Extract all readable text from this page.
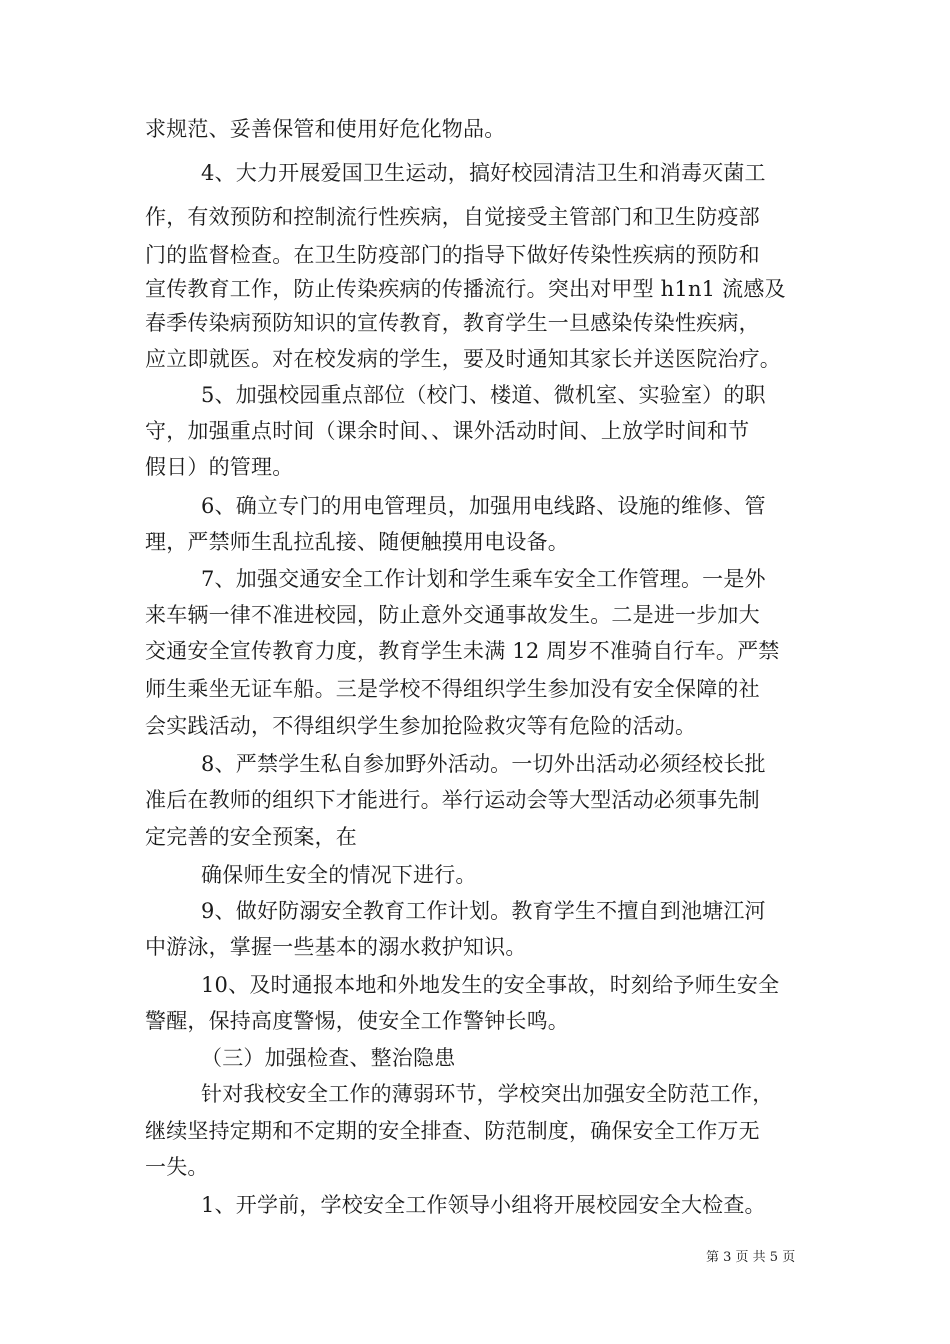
求规范、妥善保管和使用好危化物品。
4、大力开展爱国卫生运动，搞好校园清洁卫生和消毒灭菌工
作，有效预防和控制流行性疾病，自觉接受主管部门和卫生防疫部
门的监督检查。在卫生防疫部门的指导下做好传染性疾病的预防和
宣传教育工作，防止传染疾病的传播流行。突出对甲型 h1n1 流感及
春季传染病预防知识的宣传教育，教育学生一旦感染传染性疾病，
应立即就医。对在校发病的学生，要及时通知其家长并送医院治疗。
5、加强校园重点部位（校门、楼道、微机室、实验室）的职
守，加强重点时间（课余时间、、课外活动时间、上放学时间和节
假日）的管理。
6、确立专门的用电管理员，加强用电线路、设施的维修、管
理，严禁师生乱拉乱接、随便触摸用电设备。
7、加强交通安全工作计划和学生乘车安全工作管理。一是外
来车辆一律不准进校园，防止意外交通事故发生。二是进一步加大
交通安全宣传教育力度，教育学生未满 12 周岁不准骑自行车。严禁
师生乘坐无证车船。三是学校不得组织学生参加没有安全保障的社
会实践活动，不得组织学生参加抢险救灾等有危险的活动。
8、严禁学生私自参加野外活动。一切外出活动必须经校长批
准后在教师的组织下才能进行。举行运动会等大型活动必须事先制
定完善的安全预案，在
确保师生安全的情况下进行。
9、做好防溺安全教育工作计划。教育学生不擅自到池塘江河
中游泳，掌握一些基本的溺水救护知识。
10、及时通报本地和外地发生的安全事故，时刻给予师生安全
警醒，保持高度警惕，使安全工作警钟长鸣。
（三）加强检查、整治隐患
针对我校安全工作的薄弱环节，学校突出加强安全防范工作，
继续坚持定期和不定期的安全排查、防范制度，确保安全工作万无
一失。
1、开学前，学校安全工作领导小组将开展校园安全大检查。
第 3 页 共 5 页
